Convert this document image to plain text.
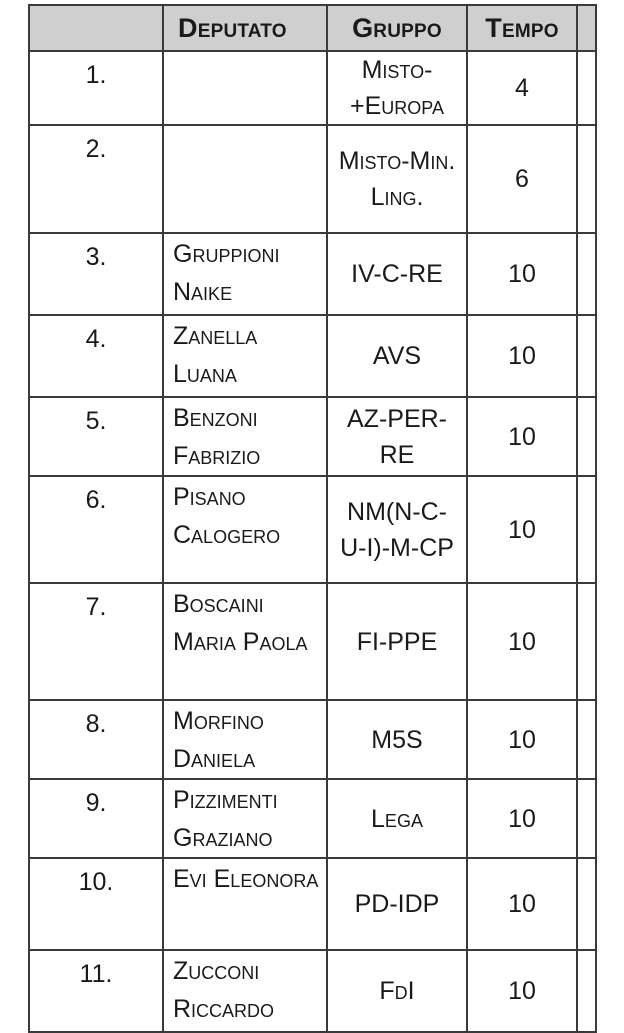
	Deputato	Gruppo	Tempo	
1.		Misto-+Europa	4	
2.		Misto-Min. Ling.	6	
3.	Gruppioni Naike	IV-C-RE	10	
4.	Zanella Luana	AVS	10	
5.	Benzoni Fabrizio	AZ-PER-RE	10	
6.	Pisano Calogero	NM(N-C-U-I)-M-CP	10	
7.	Boscaini Maria Paola	FI-PPE	10	
8.	Morfino Daniela	M5S	10	
9.	Pizzimenti Graziano	Lega	10	
10.	Evi Eleonora	PD-IDP	10	
11.	Zucconi Riccardo	FdI	10	
